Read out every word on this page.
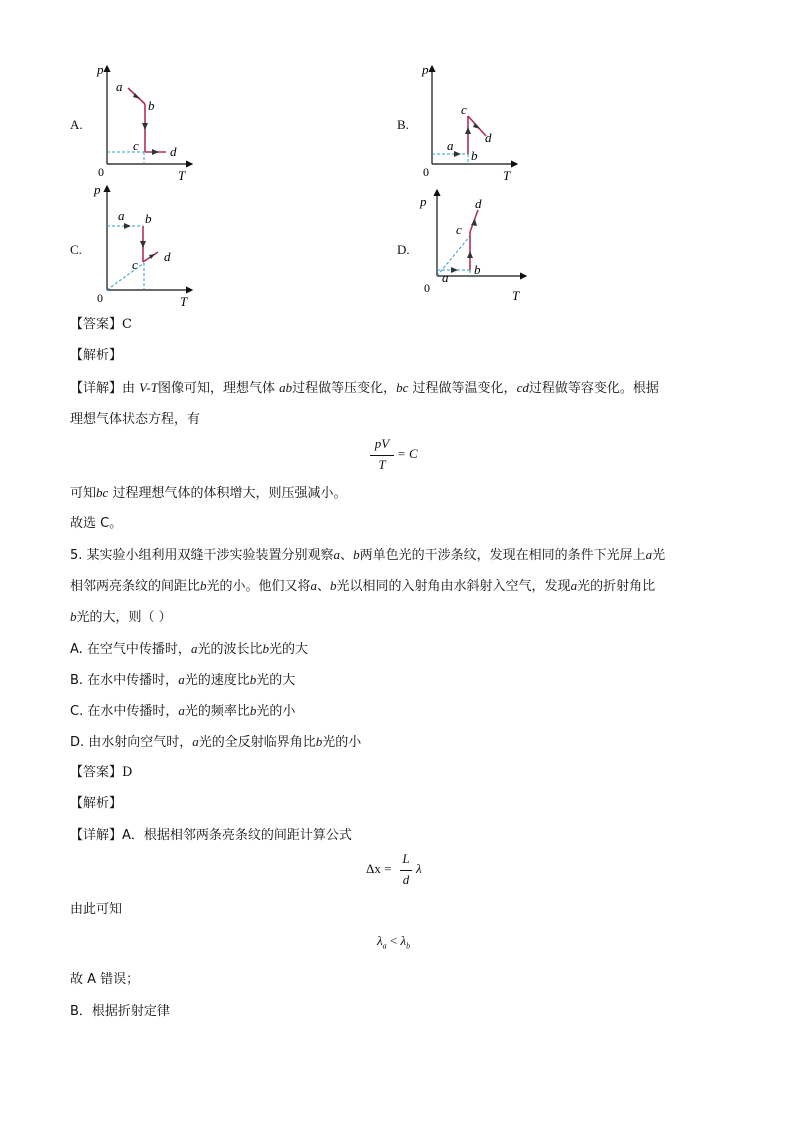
A.
p
T
0
a
b
c d
B.
p
T
0
a
b
c
d
C.
p
T
0
a b
c
d	D.
p
T
0
a
b
c
d
【答案】C
【解析】
【详解】由 V-T图像可知，理想气体 ab过程做等压变化，bc 过程做等温变化，cd过程做等容变化。根据
理想气体状态方程，有
pV
T
= C
可知bc 过程理想气体的体积增大，则压强减小。
故选 C。
5. 某实验小组利用双缝干涉实验装置分别观察a、b两单色光的干涉条纹，发现在相同的条件下光屏上a光
相邻两亮条纹的间距比b光的小。他们又将a、b光以相同的入射角由水斜射入空气，发现a光的折射角比
b光的大，则（ ）
A. 在空气中传播时，a光的波长比b光的大
B. 在水中传播时，a光的速度比b光的大
C. 在水中传播时，a光的频率比b光的小
D. 由水射向空气时，a光的全反射临界角比b光的小
【答案】D
【解析】
【详解】A．根据相邻两条亮条纹的间距计算公式
Δx =
L
d
λ
由此可知
$\lambda_a < \lambda_b$
故 A 错误；
B．根据折射定律
